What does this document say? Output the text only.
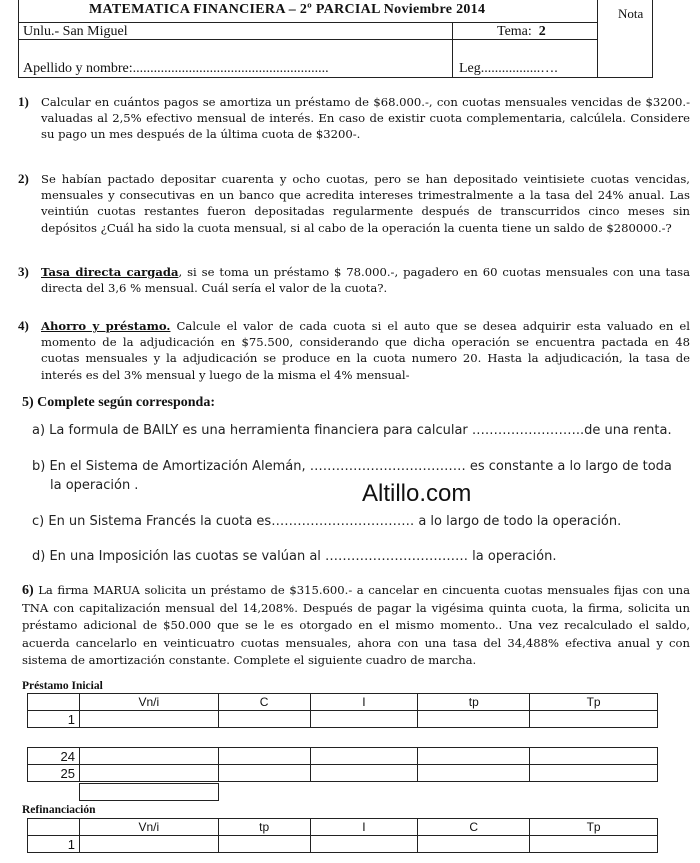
MATEMATICA FINANCIERA – 2º PARCIAL Noviembre 2014
Unlu.- San Miguel	Tema: 2
Apellido y nombre:........................................................	Leg.................….
Nota
1) Calcular en cuántos pagos se amortiza un préstamo de $68.000.-, con cuotas mensuales vencidas de $3200.- valuadas al 2,5% efectivo mensual de interés. En caso de existir cuota complementaria, calcúlela. Considere su pago un mes después de la última cuota de $3200-.
2) Se habían pactado depositar cuarenta y ocho cuotas, pero se han depositado veintisiete cuotas vencidas, mensuales y consecutivas en un banco que acredita intereses trimestralmente a la tasa del 24% anual. Las veintiún cuotas restantes fueron depositadas regularmente después de transcurridos cinco meses sin depósitos ¿Cuál ha sido la cuota mensual, si al cabo de la operación la cuenta tiene un saldo de $280000.-?
3) Tasa directa cargada, si se toma un préstamo $ 78.000.-, pagadero en 60 cuotas mensuales con una tasa directa del 3,6 % mensual. Cuál sería el valor de la cuota?.
4) Ahorro y préstamo. Calcule el valor de cada cuota si el auto que se desea adquirir esta valuado en el momento de la adjudicación en $75.500, considerando que dicha operación se encuentra pactada en 48 cuotas mensuales y la adjudicación se produce en la cuota numero 20. Hasta la adjudicación, la tasa de interés es del 3% mensual y luego de la misma el 4% mensual-
5) Complete según corresponda:
a) La formula de BAILY es una herramienta financiera para calcular ……………………..de una renta.
b) En el Sistema de Amortización Alemán, ……………………………… es constante a lo largo de toda
la operación .
c) En un Sistema Francés la cuota es…………………………… a lo largo de todo la operación.
d) En una Imposición las cuotas se valúan al …………………………… la operación.
Altillo.com
6) La firma MARUA solicita un préstamo de $315.600.- a cancelar en cincuenta cuotas mensuales fijas con una TNA con capitalización mensual del 14,208%. Después de pagar la vigésima quinta cuota, la firma, solicita un préstamo adicional de $50.000 que se le es otorgado en el mismo momento.. Una vez recalculado el saldo, acuerda cancelarlo en veinticuatro cuotas mensuales, ahora con una tasa del 34,488% efectiva anual y con sistema de amortización constante. Complete el siguiente cuadro de marcha.
Préstamo Inicial
	Vn/i	C	I	tp	Tp
1					
24					
25					
Refinanciación
	Vn/i	tp	I	C	Tp
1					
